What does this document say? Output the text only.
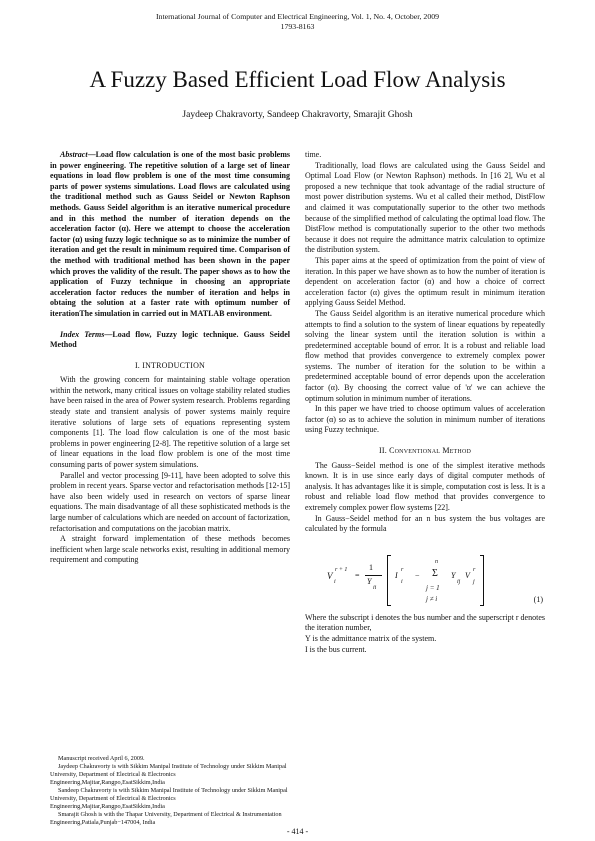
International Journal of Computer and Electrical Engineering, Vol. 1, No. 4, October, 2009
1793-8163
A Fuzzy Based Efficient Load Flow Analysis
Jaydeep Chakravorty, Sandeep Chakravorty, Smarajit Ghosh

Abstract—Load flow calculation is one of the most basic problems in power engineering. The repetitive solution of a large set of linear equations in load flow problem is one of the most time consuming parts of power systems simulations. Load flows are calculated using the traditional method such as Gauss Seidel or Newton Raphson methods. Gauss Seidel algorithm is an iterative numerical procedure and in this method the number of iteration depends on the acceleration factor (α). Here we attempt to choose the acceleration factor (α) using fuzzy logic technique so as to minimize the number of iteration and get the result in minimum required time. Comparison of the method with traditional method has been shown in the paper which proves the validity of the result. The paper shows as to how the application of Fuzzy technique in choosing an appropriate acceleration factor reduces the number of iteration and helps in obtaing the solution at a faster rate with optimum number of iterationThe simulation in carried out in MATLAB environment.

Index Terms—Load flow, Fuzzy logic technique. Gauss Seidel Method

I. INTRODUCTION

With the growing concern for maintaining stable voltage operation within the network, many critical issues on voltage stability related studies have been raised in the area of Power system research. Problems regarding steady state and transient analysis of power systems mainly require iterative solutions of large sets of equations representing system components [1]. The load flow calculation is one of the most basic problems in power engineering [2-8]. The repetitive solution of a large set of linear equations in the load flow problem is one of the most time consuming parts of power system simulations.

Parallel and vector processing [9-11], have been adopted to solve this problem in recent years. Sparse vector and refactorisation methods [12-15] have also been widely used in research on vectors of sparse linear equations. The main disadvantage of all these sophisticated methods is the large number of calculations which are needed on account of factorization, refactorisation and computations on the jacobian matrix.

A straight forward implementation of these methods becomes inefficient when large scale networks exist, resulting in additional memory requirement and computing

Manuscript received April 6, 2009.

Jaydeep Chakravorty is with Sikkim Manipal Institute of Technology under Sikkim Manipal University, Department of Electrical & Electronics Engineering,Majitar,Rangpo,EsatSikkim,India

Sandeep Chakravorty is with Sikkim Manipal Institute of Technology under Sikkim Manipal University, Department of Electrical & Electronics Engineering,Majitar,Rangpo,EsatSikkim,India

Smarajit Ghosh is with the Thapar University, Department of Electrical & Instrumentation Engineering,Patiala,Punjab−147004, India

time.

Traditionally, load flows are calculated using the Gauss Seidel and Optimal Load Flow (or Newton Raphson) methods. In [16 2], Wu et al proposed a new technique that took advantage of the radial structure of most power distribution systems. Wu et al called their method, DistFlow and claimed it was computationally superior to the other two methods because of the simplified method of calculating the optimal load flow. The DistFlow method is computationally superior to the other two methods because it does not require the admittance matrix calculation to optimize the distribution system.

This paper aims at the speed of optimization from the point of view of iteration. In this paper we have shown as to how the number of iteration is dependent on acceleration factor (α) and how a choice of correct acceleration factor (α) gives the optimum result in minimum iteration applying Gauss Seidel Method.

The Gauss Seidel algorithm is an iterative numerical procedure which attempts to find a solution to the system of linear equations by repeatedly solving the linear system until the iteration solution is within a predetermined acceptable bound of error. It is a robust and reliable load flow method that provides convergence to extremely complex power systems. The number of iteration for the solution to be within a predetermined acceptable bound of error depends upon the acceleration factor (α). By choosing the correct value of 'α' we can achieve the optimum solution in minimum number of iterations.

In this paper we have tried to choose optimum values of acceleration factor (α) so as to achieve the solution in minimum number of iterations using Fuzzy technique.

II. Conventional Method

The Gauss−Seidel method is one of the simplest iterative methods known. It is in use since early days of digital computer methods of analysis. It has advantages like it is simple, computation cost is less. It is a robust and reliable load flow method that provides convergence to extremely complex power flow systems [22].

In Gauss−Seidel method for an n bus system the bus voltages are calculated by the formula

V
i
r + 1
=
1
Y
ii
I
r
i
−
n
Σ
j = 1
j ≠ i
Y
ij
V
r
j
(1)

Where the subscript i denotes the bus number and the superscript r denotes the iteration number,

Y is the admittance matrix of the system.

I is the bus current.

- 414 -
